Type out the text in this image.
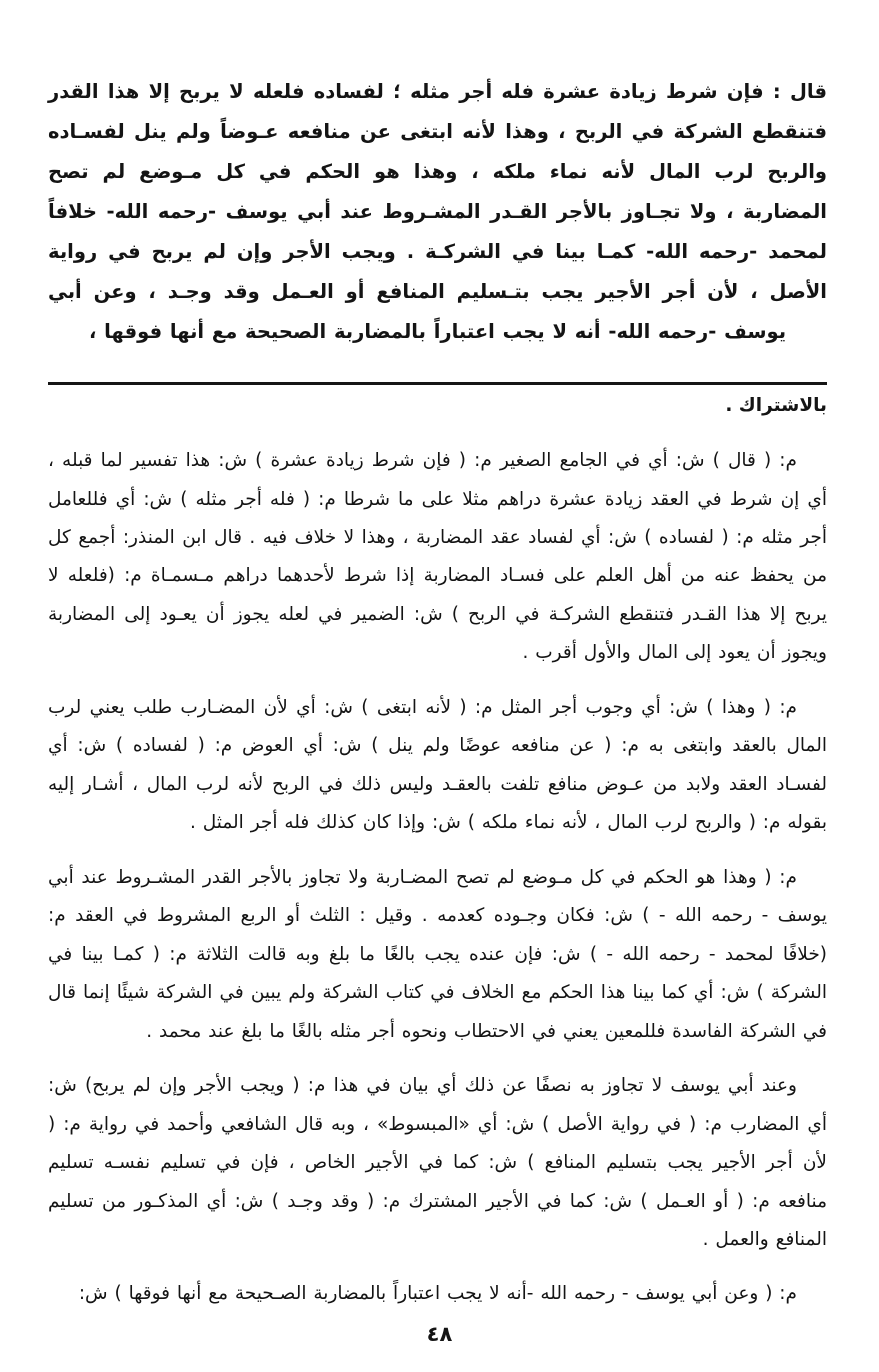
قال : فإن شرط زيادة عشرة فله أجر مثله ؛ لفساده فلعله لا يربح إلا هذا القدر فتنقطع الشركة في الربح ، وهذا لأنه ابتغى عن منافعه عـوضاً ولم ينل لفسـاده والربح لرب المال لأنه نماء ملكه ، وهذا هو الحكم في كل مـوضع لم تصح المضاربة ، ولا تجـاوز بالأجر القـدر المشـروط عند أبي يوسف -رحمه الله- خلافاً لمحمد -رحمه الله- كمـا بينا في الشركـة . ويجب الأجر وإن لم يربح في رواية الأصل ، لأن أجر الأجير يجب بتـسليم المنافع أو العـمل وقد وجـد ، وعن أبي يوسف -رحمه الله- أنه لا يجب اعتباراً بالمضاربة الصحيحة مع أنها فوقها ،
بالاشتراك .

م: ( قال ) ش: أي في الجامع الصغير م: ( فإن شرط زيادة عشرة ) ش: هذا تفسير لما قبله ، أي إن شرط في العقد زيادة عشرة دراهم مثلا على ما شرطا م: ( فله أجر مثله ) ش: أي فللعامل أجر مثله م: ( لفساده ) ش: أي لفساد عقد المضاربة ، وهذا لا خلاف فيه . قال ابن المنذر: أجمع كل من يحفظ عنه من أهل العلم على فسـاد المضاربة إذا شرط لأحدهما دراهم مـسمـاة م: (فلعله لا يربح إلا هذا القـدر فتنقطع الشركـة في الربح ) ش: الضمير في لعله يجوز أن يعـود إلى المضاربة ويجوز أن يعود إلى المال والأول أقرب .

م: ( وهذا ) ش: أي وجوب أجر المثل م: ( لأنه ابتغى ) ش: أي لأن المضـارب طلب يعني لرب المال بالعقد وابتغى به م: ( عن منافعه عوضًا ولم ينل ) ش: أي العوض م: ( لفساده ) ش: أي لفسـاد العقد ولابد من عـوض منافع تلفت بالعقـد وليس ذلك في الربح لأنه لرب المال ، أشـار إليه بقوله م: ( والربح لرب المال ، لأنه نماء ملكه ) ش: وإذا كان كذلك فله أجر المثل .

م: ( وهذا هو الحكم في كل مـوضع لم تصح المضـاربة ولا تجاوز بالأجر القدر المشـروط عند أبي يوسف - رحمه الله - ) ش: فكان وجـوده كعدمه . وقيل : الثلث أو الربع المشروط في العقد م: (خلافًا لمحمد - رحمه الله - ) ش: فإن عنده يجب بالغًا ما بلغ وبه قالت الثلاثة م: ( كمـا بينا في الشركة ) ش: أي كما بينا هذا الحكم مع الخلاف في كتاب الشركة ولم يبين في الشركة شيئًا إنما قال في الشركة الفاسدة فللمعين يعني في الاحتطاب ونحوه أجر مثله بالغًا ما بلغ عند محمد .

وعند أبي يوسف لا تجاوز به نصفًا عن ذلك أي بيان في هذا م: ( ويجب الأجر وإن لم يربح) ش: أي المضارب م: ( في رواية الأصل ) ش: أي «المبسوط» ، وبه قال الشافعي وأحمد في رواية م: ( لأن أجر الأجير يجب بتسليم المنافع ) ش: كما في الأجير الخاص ، فإن في تسليم نفسـه تسليم منافعه م: ( أو العـمل ) ش: كما في الأجير المشترك م: ( وقد وجـد ) ش: أي المذكـور من تسليم المنافع والعمل .

م: ( وعن أبي يوسف - رحمه الله -أنه لا يجب اعتباراً بالمضاربة الصـحيحة مع أنها فوقها ) ش:

٤٨
